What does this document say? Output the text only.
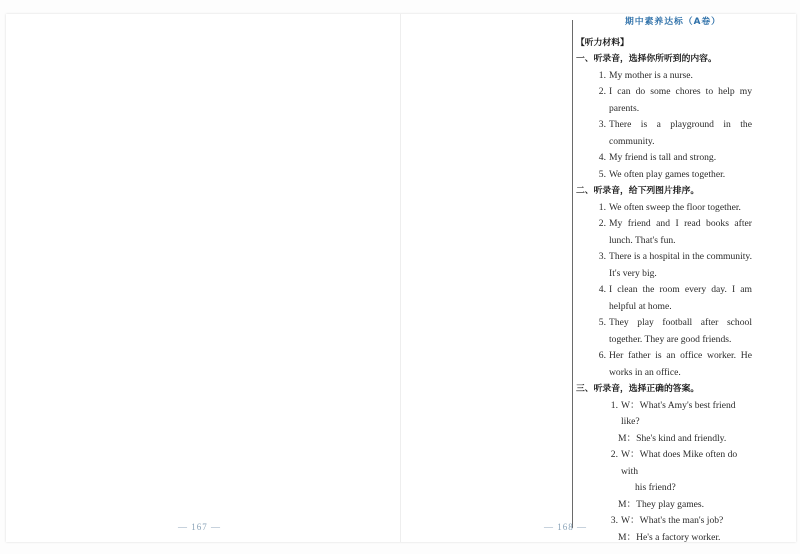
— 167 —	— 168 —
期中素养达标（A卷）
【听力材料】
一、听录音，选择你所听到的内容。
1. My mother is a nurse.
2. I can do some chores to help my parents.
3. There is a playground in the community.
4. My friend is tall and strong.
5. We often play games together.
二、听录音，给下列图片排序。
1. We often sweep the floor together.
2. My friend and I read books after lunch. That's fun.
3. There is a hospital in the community. It's very big.
4. I clean the room every day. I am helpful at home.
5. They play football after school together. They are good friends.
6. Her father is an office worker. He works in an office.
三、听录音，选择正确的答案。
1. W：What's Amy's best friend like?
M：She's kind and friendly.
2. W：What does Mike often do with
his friend?
M：They play games.
3. W：What's the man's job?
M：He's a factory worker.
